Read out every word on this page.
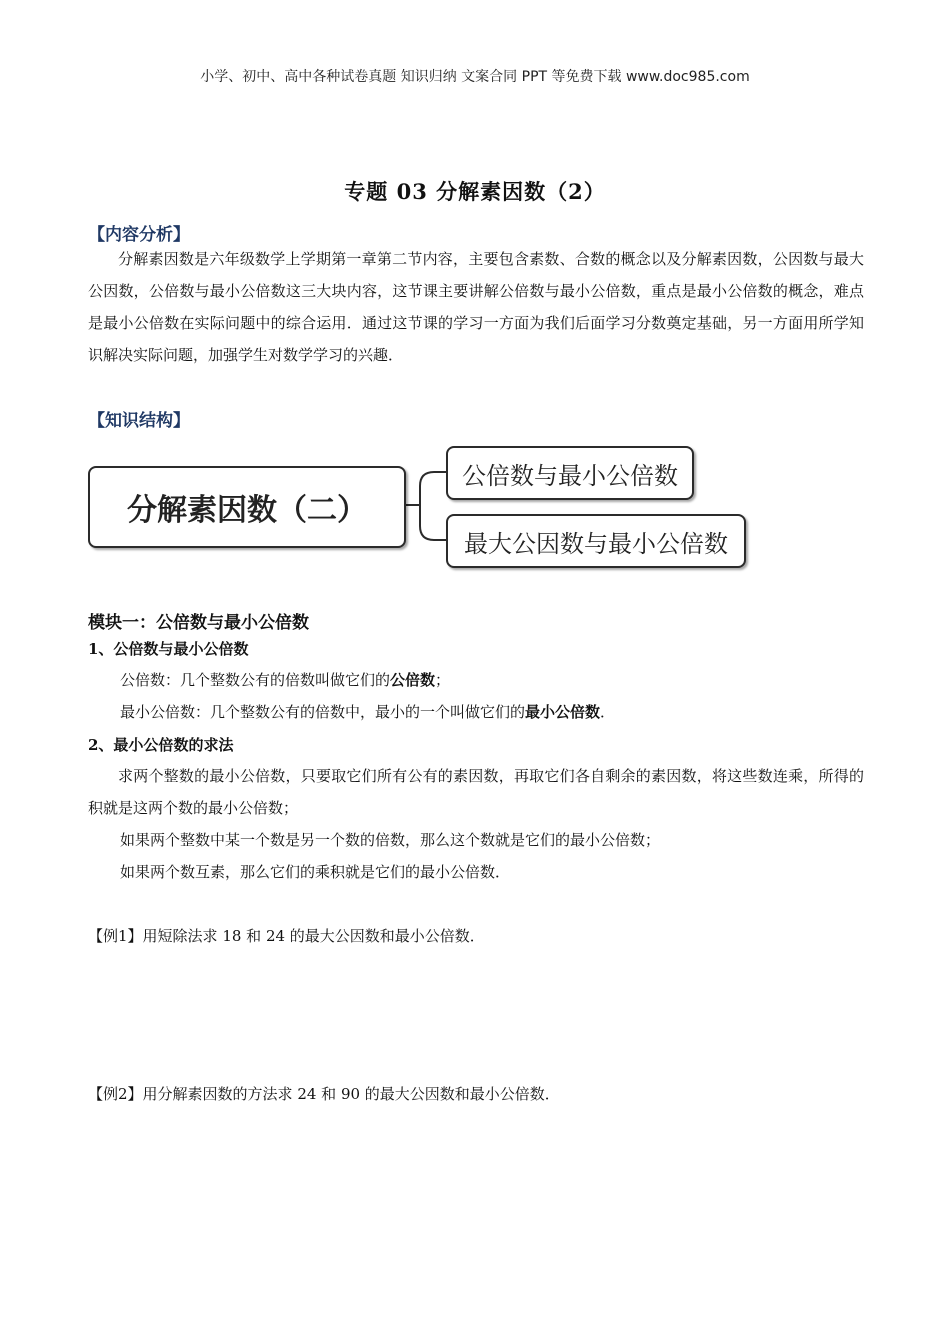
小学、初中、高中各种试卷真题 知识归纳 文案合同 PPT 等免费下载 www.doc985.com
专题 03 分解素因数（2）
【内容分析】

分解素因数是六年级数学上学期第一章第二节内容，主要包含素数、合数的概念以及分解素因数，公因数与最大公因数，公倍数与最小公倍数这三大块内容，这节课主要讲解公倍数与最小公倍数，重点是最小公倍数的概念，难点是最小公倍数在实际问题中的综合运用．通过这节课的学习一方面为我们后面学习分数奠定基础，另一方面用所学知识解决实际问题，加强学生对数学学习的兴趣．

【知识结构】
分解素因数（二）
公倍数与最小公倍数
最大公因数与最小公倍数
模块一：公倍数与最小公倍数
1、公倍数与最小公倍数
公倍数：几个整数公有的倍数叫做它们的公倍数；
最小公倍数：几个整数公有的倍数中，最小的一个叫做它们的最小公倍数．
2、最小公倍数的求法

求两个整数的最小公倍数，只要取它们所有公有的素因数，再取它们各自剩余的素因数，将这些数连乘，所得的积就是这两个数的最小公倍数；

如果两个整数中某一个数是另一个数的倍数，那么这个数就是它们的最小公倍数；
如果两个数互素，那么它们的乘积就是它们的最小公倍数．
【例1】用短除法求 18 和 24 的最大公因数和最小公倍数．
【例2】用分解素因数的方法求 24 和 90 的最大公因数和最小公倍数．
